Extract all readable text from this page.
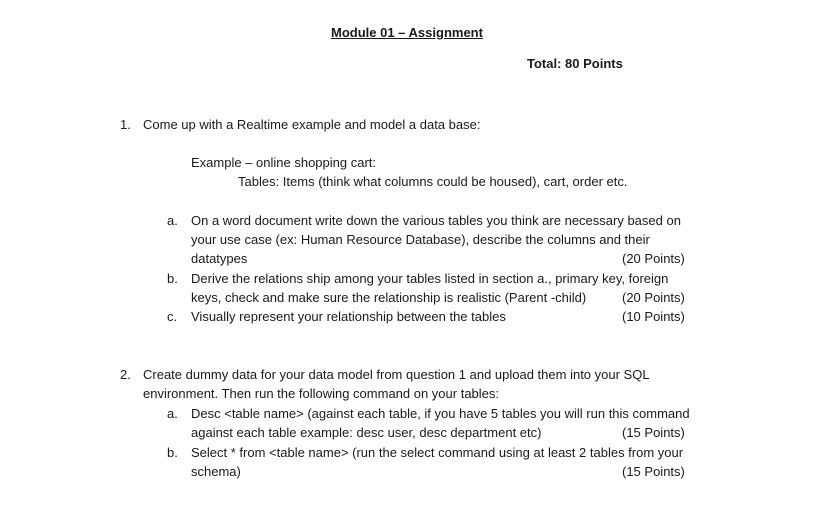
Module 01 – Assignment
Total: 80 Points
1. Come up with a Realtime example and model a data base:
Example – online shopping cart:
Tables: Items (think what columns could be housed), cart, order etc.
a. On a word document write down the various tables you think are necessary based on
your use case (ex: Human Resource Database), describe the columns and their
datatypes	(20 Points)
b. Derive the relations ship among your tables listed in section a., primary key, foreign
keys, check and make sure the relationship is realistic (Parent -child)	(20 Points)
c. Visually represent your relationship between the tables	(10 Points)
2. Create dummy data for your data model from question 1 and upload them into your SQL
environment. Then run the following command on your tables:
a. Desc <table name> (against each table, if you have 5 tables you will run this command
against each table example: desc user, desc department etc)	(15 Points)
b. Select * from <table name> (run the select command using at least 2 tables from your
schema)	(15 Points)
